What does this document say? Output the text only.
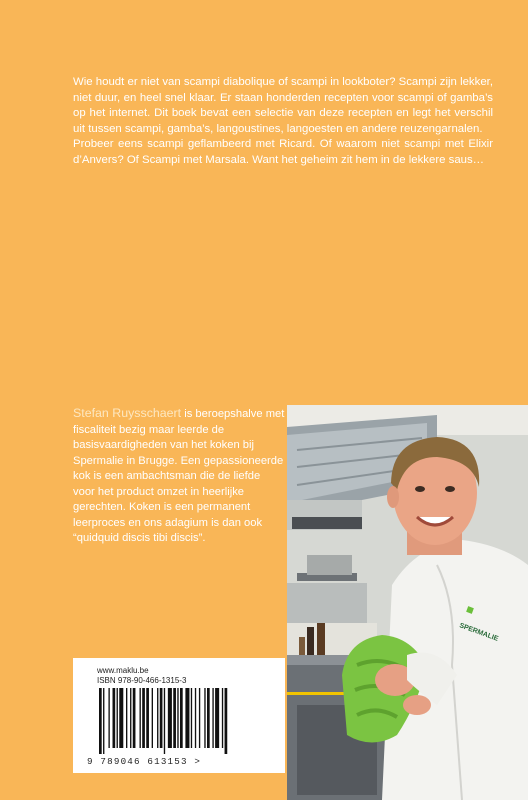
Wie houdt er niet van scampi diabolique of scampi in lookboter? Scampi zijn lekker, niet duur, en heel snel klaar. Er staan honderden recepten voor scampi of gamba’s op het internet. Dit boek bevat een selectie van deze recepten en legt het verschil uit tussen scampi, gamba’s, langoustines, langoesten en andere reuzengarnalen.

Probeer eens scampi geflambeerd met Ricard. Of waarom niet scampi met Elixir d’Anvers? Of Scampi met Marsala. Want het geheim zit hem in de lekkere saus…

Stefan Ruysschaert is beroepshalve met fiscaliteit bezig maar leerde de basisvaardigheden van het koken bij Spermalie in Brugge. Een gepassioneerde kok is een ambachtsman die de liefde voor het product omzet in heerlijke gerechten. Koken is een permanent leerproces en ons adagium is dan ook “quidquid discis tibi discis”.

SPERMALIE

www.maklu.be

ISBN 978-90-466-1315-3

9 789046 613153 >
